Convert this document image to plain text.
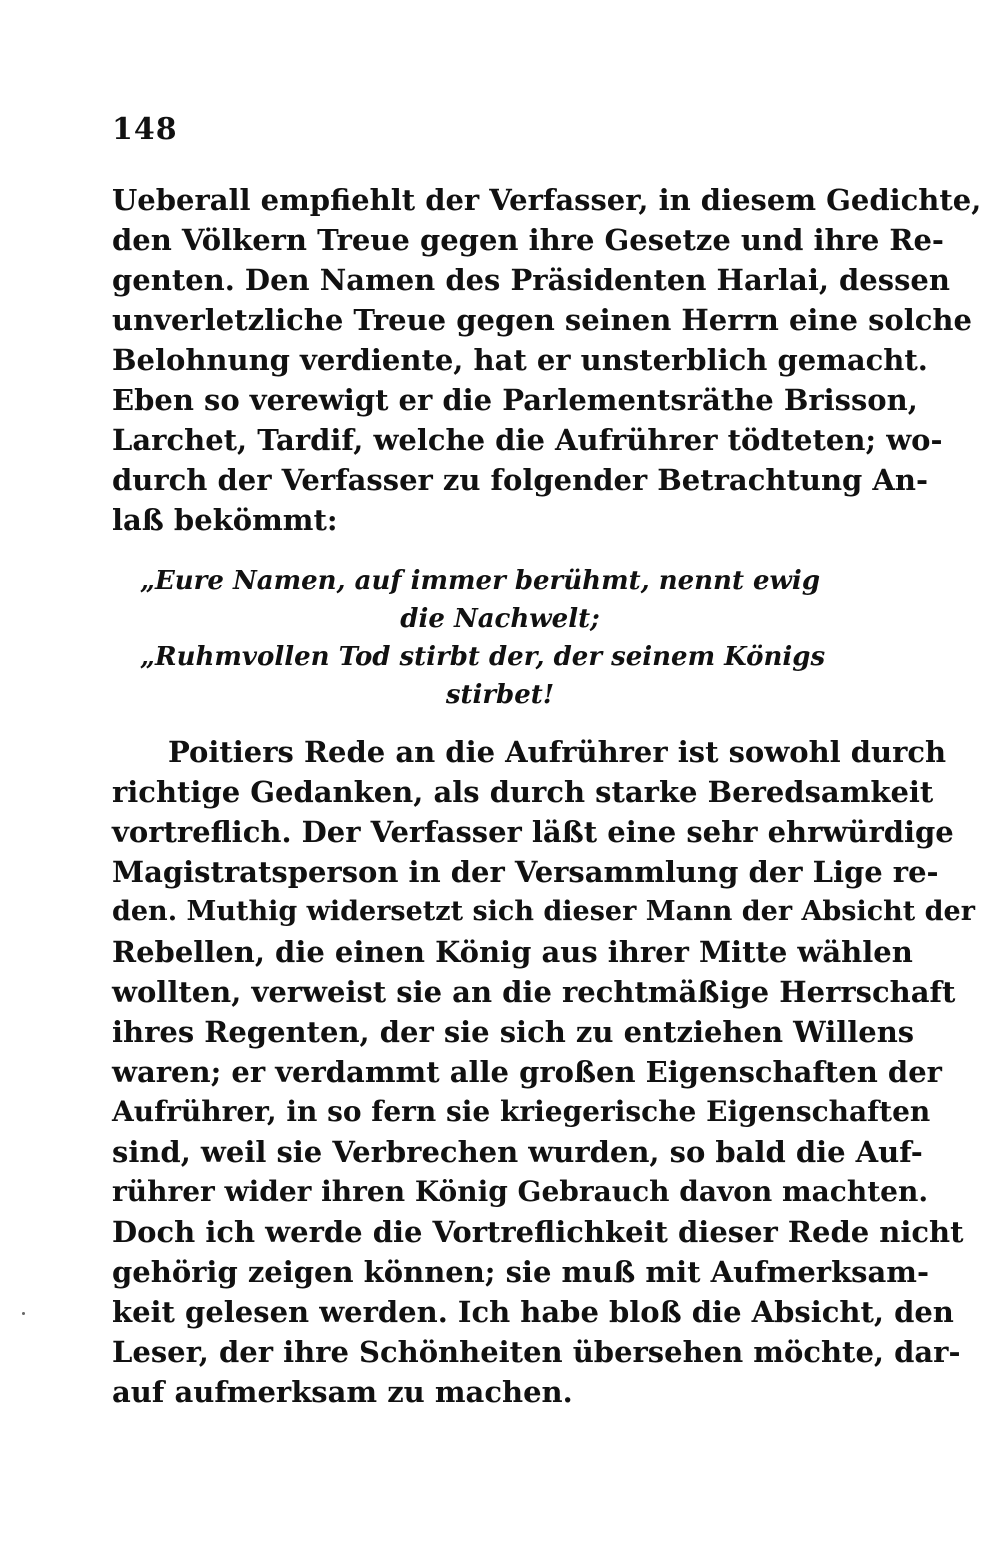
148
Ueberall empfiehlt der Verfasser, in diesem Gedichte,
den Völkern Treue gegen ihre Gesetze und ihre Re-
genten. Den Namen des Präsidenten Harlai, dessen
unverletzliche Treue gegen seinen Herrn eine solche
Belohnung verdiente, hat er unsterblich gemacht.
Eben so verewigt er die Parlementsräthe Brisson,
Larchet, Tardif, welche die Aufrührer tödteten; wo-
durch der Verfasser zu folgender Betrachtung An-
laß bekömmt:
„Eure Namen, auf immer berühmt, nennt ewig
die Nachwelt;
„Ruhmvollen Tod stirbt der, der seinem Königs
stirbet!
Poitiers Rede an die Aufrührer ist sowohl durch
richtige Gedanken, als durch starke Beredsamkeit
vortreflich. Der Verfasser läßt eine sehr ehrwürdige
Magistratsperson in der Versammlung der Lige re-
den. Muthig widersetzt sich dieser Mann der Absicht der
Rebellen, die einen König aus ihrer Mitte wählen
wollten, verweist sie an die rechtmäßige Herrschaft
ihres Regenten, der sie sich zu entziehen Willens
waren; er verdammt alle großen Eigenschaften der
Aufrührer, in so fern sie kriegerische Eigenschaften
sind, weil sie Verbrechen wurden, so bald die Auf-
rührer wider ihren König Gebrauch davon machten.
Doch ich werde die Vortreflichkeit dieser Rede nicht
gehörig zeigen können; sie muß mit Aufmerksam-
keit gelesen werden. Ich habe bloß die Absicht, den
Leser, der ihre Schönheiten übersehen möchte, dar-
auf aufmerksam zu machen.
